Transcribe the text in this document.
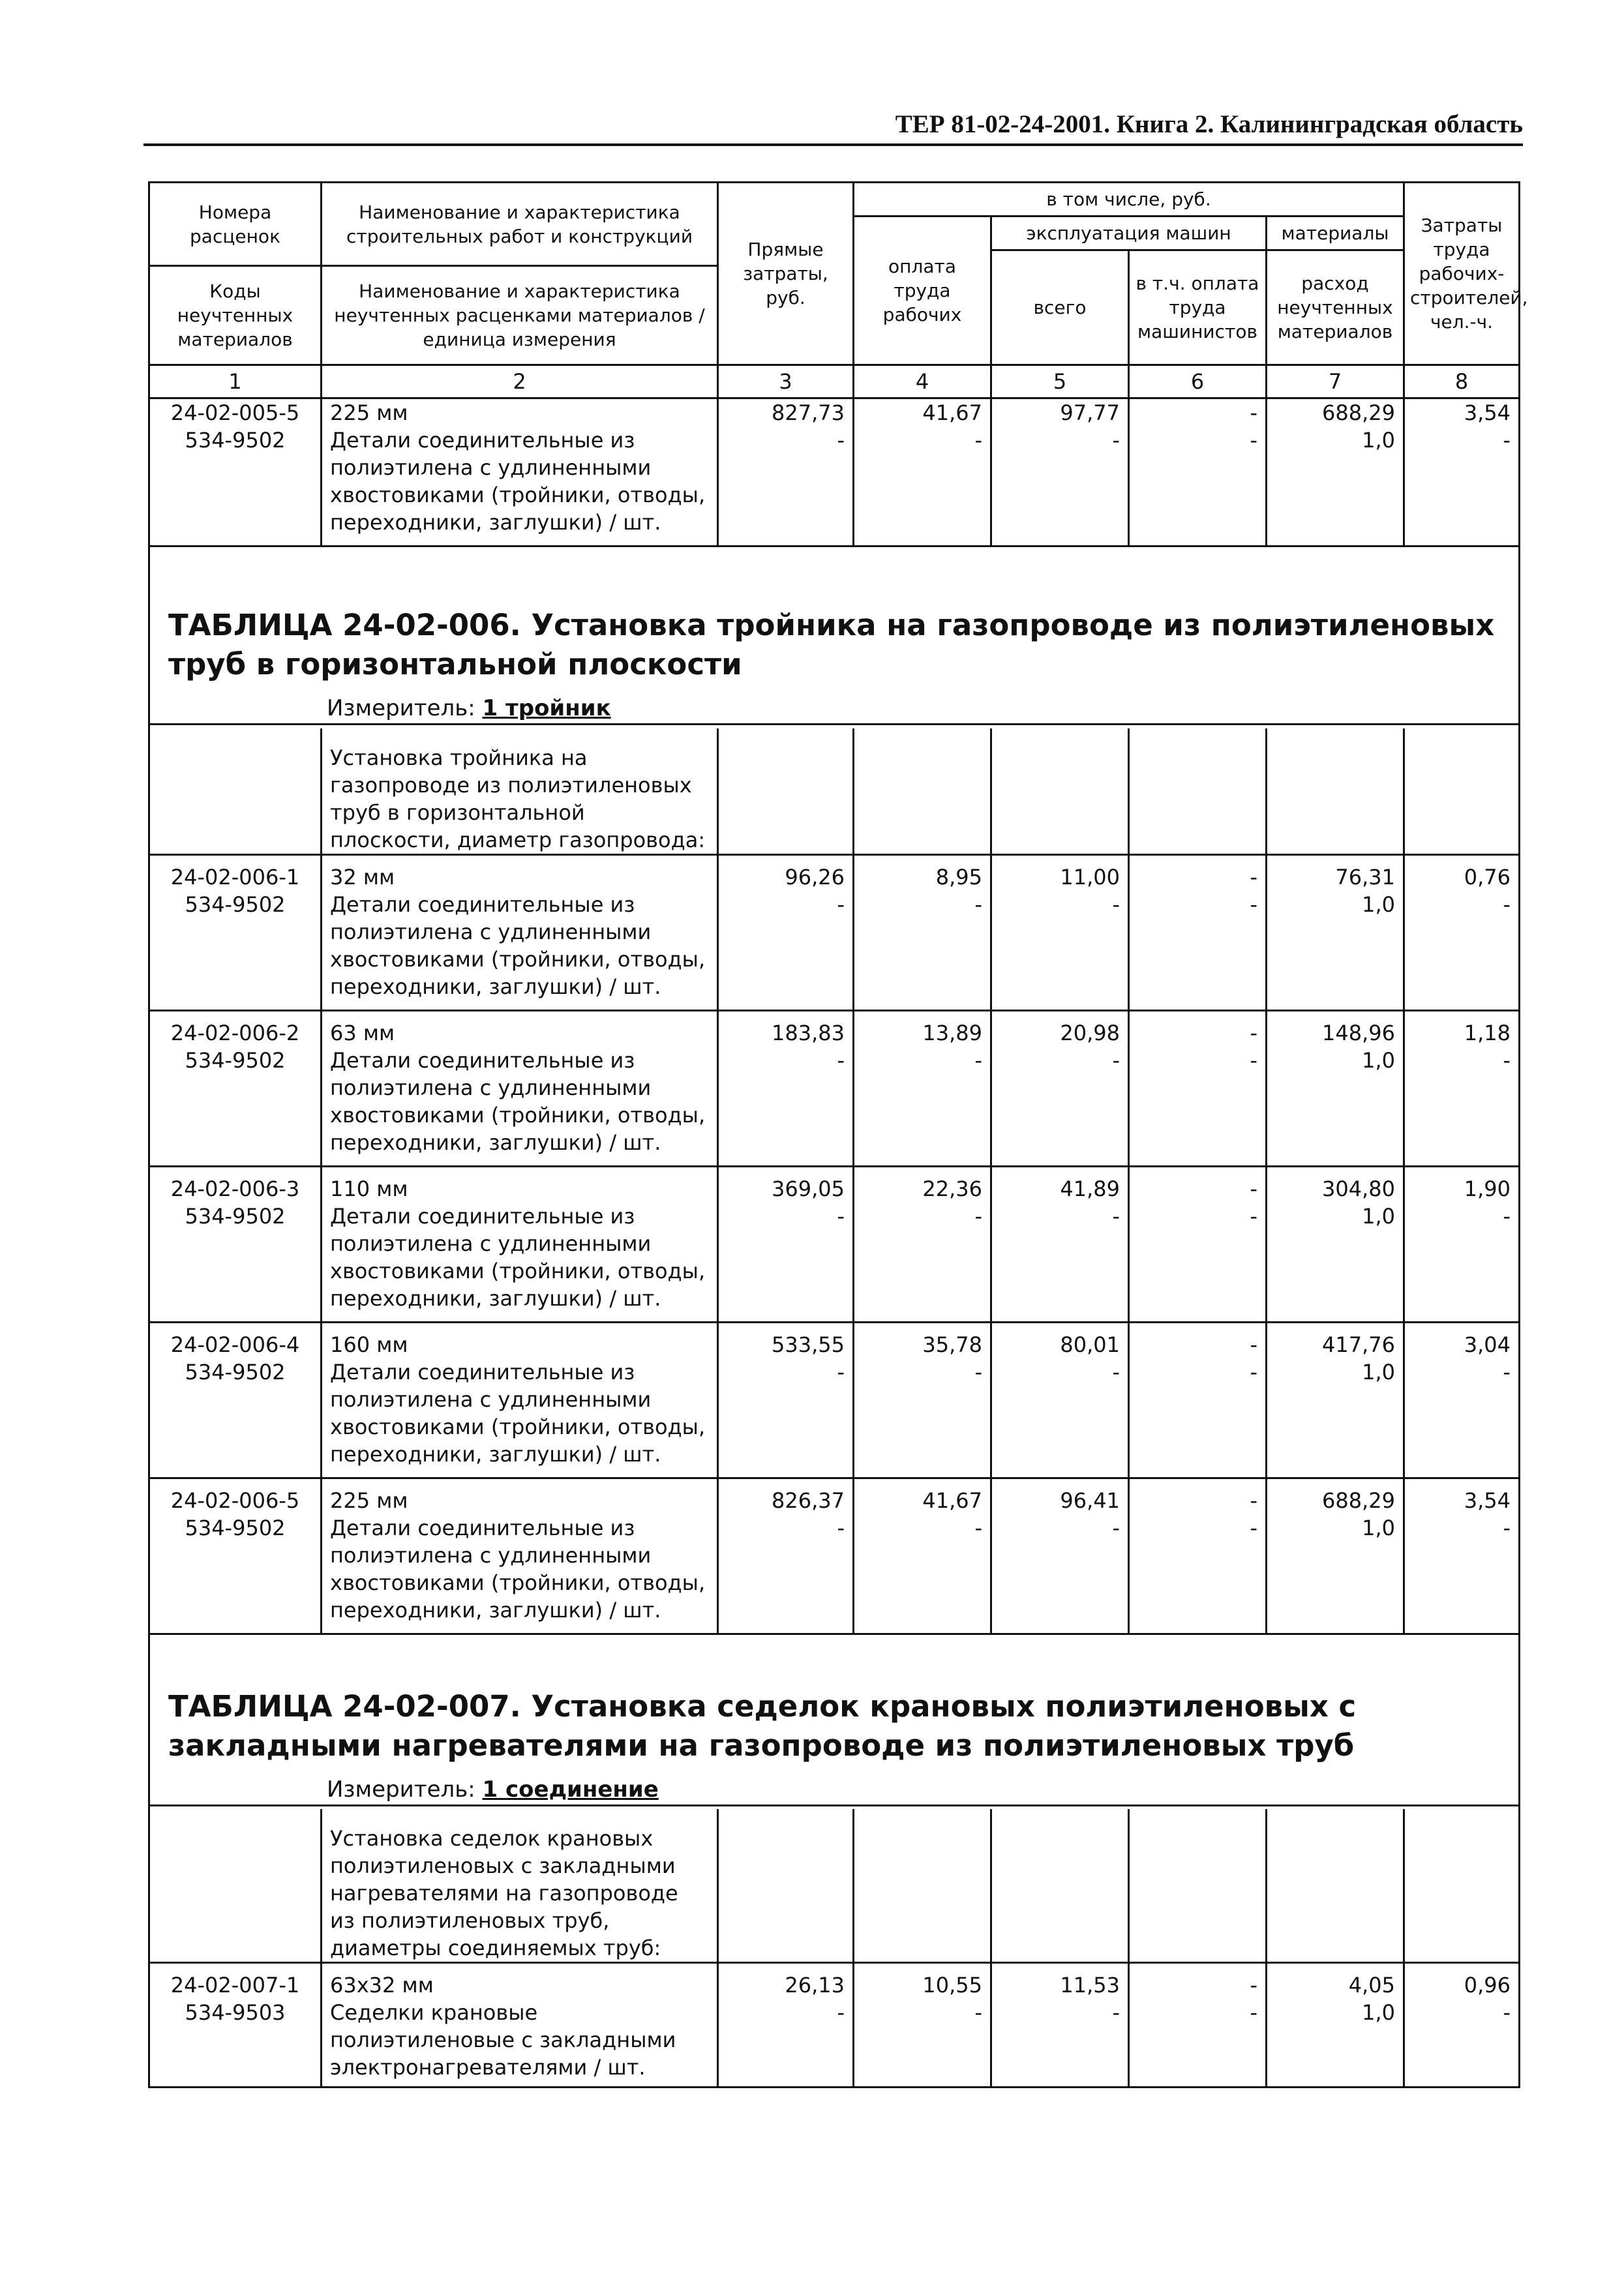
ТЕР 81-02-24-2001. Книга 2. Калининградская область
Номера расценок	Наименование и характеристика строительных работ и конструкций	Прямые затраты, руб.	в том числе, руб.				Затраты труда рабочих-строителей, чел.-ч.
			оплата труда рабочих	эксплуатация машин		материалы	
				всего	в т.ч. оплата труда машинистов	расход неучтенных материалов	
Коды неучтенных материалов	Наименование и характеристика неучтенных расценками материалов / единица измерения						

1	2	3	4	5	6	7	8
24-02-005-5	225 мм	827,73	41,67	97,77	-	688,29	3,54
534-9502	Детали соединительные из полиэтилена с удлиненными хвостовиками (тройники, отводы, переходники, заглушки) / шт.	-	-	-	-	1,0	-

ТАБЛИЦА 24-02-006. Установка тройника на газопроводе из полиэтиленовых труб в горизонтальной плоскости
Измеритель: 1 тройник							

	Установка тройника на газопроводе из полиэтиленовых труб в горизонтальной плоскости, диаметр газопровода:						
24-02-006-1	32 мм	96,26	8,95	11,00	-	76,31	0,76
534-9502	Детали соединительные из полиэтилена с удлиненными хвостовиками (тройники, отводы, переходники, заглушки) / шт.	-	-	-	-	1,0	-
24-02-006-2	63 мм	183,83	13,89	20,98	-	148,96	1,18
534-9502	Детали соединительные из полиэтилена с удлиненными хвостовиками (тройники, отводы, переходники, заглушки) / шт.	-	-	-	-	1,0	-
24-02-006-3	110 мм	369,05	22,36	41,89	-	304,80	1,90
534-9502	Детали соединительные из полиэтилена с удлиненными хвостовиками (тройники, отводы, переходники, заглушки) / шт.	-	-	-	-	1,0	-
24-02-006-4	160 мм	533,55	35,78	80,01	-	417,76	3,04
534-9502	Детали соединительные из полиэтилена с удлиненными хвостовиками (тройники, отводы, переходники, заглушки) / шт.	-	-	-	-	1,0	-
24-02-006-5	225 мм	826,37	41,67	96,41	-	688,29	3,54
534-9502	Детали соединительные из полиэтилена с удлиненными хвостовиками (тройники, отводы, переходники, заглушки) / шт.	-	-	-	-	1,0	-

ТАБЛИЦА 24-02-007. Установка седелок крановых полиэтиленовых с закладными нагревателями на газопроводе из полиэтиленовых труб
Измеритель: 1 соединение							

	Установка седелок крановых полиэтиленовых с закладными нагревателями на газопроводе из полиэтиленовых труб, диаметры соединяемых труб:						
24-02-007-1	63х32 мм	26,13	10,55	11,53	-	4,05	0,96
534-9503	Седелки крановые полиэтиленовые с закладными электронагревателями / шт.	-	-	-	-	1,0	-
